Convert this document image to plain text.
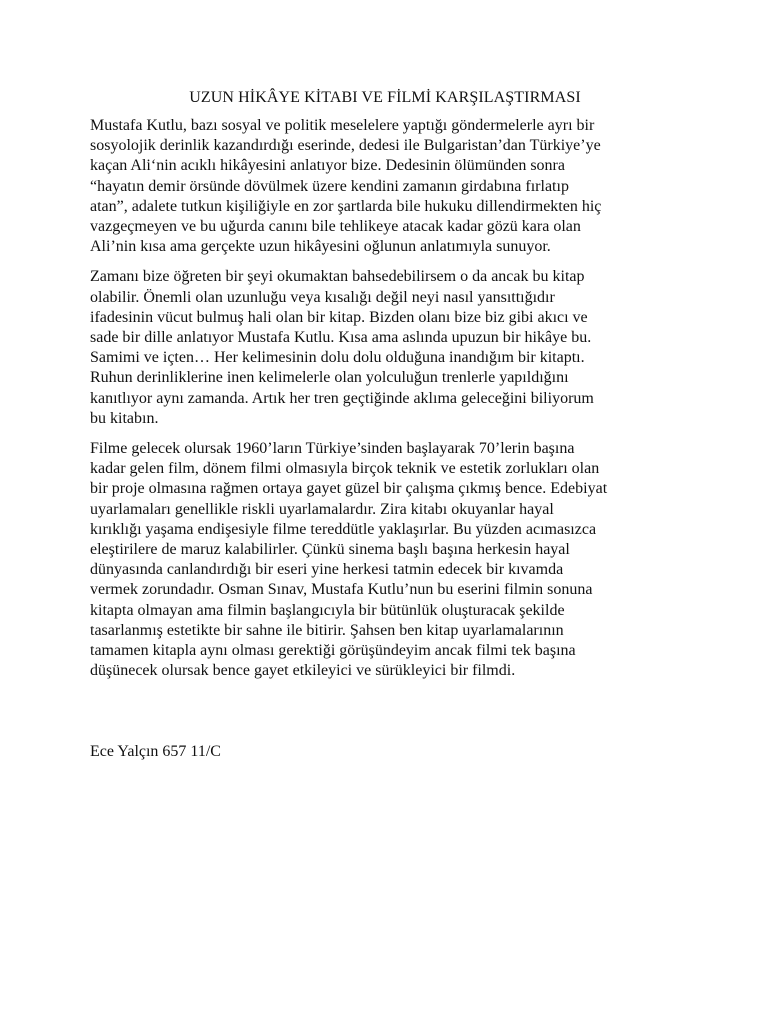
UZUN HİKÂYE KİTABI VE FİLMİ KARŞILAŞTIRMASI
Mustafa Kutlu, bazı sosyal ve politik meselelere yaptığı göndermelerle ayrı bir
sosyolojik derinlik kazandırdığı eserinde, dedesi ile Bulgaristan’dan Türkiye’ye
kaçan Ali‘nin acıklı hikâyesini anlatıyor bize. Dedesinin ölümünden sonra
“hayatın demir örsünde dövülmek üzere kendini zamanın girdabına fırlatıp
atan”, adalete tutkun kişiliğiyle en zor şartlarda bile hukuku dillendirmekten hiç
vazgeçmeyen ve bu uğurda canını bile tehlikeye atacak kadar gözü kara olan
Ali’nin kısa ama gerçekte uzun hikâyesini oğlunun anlatımıyla sunuyor.
Zamanı bize öğreten bir şeyi okumaktan bahsedebilirsem o da ancak bu kitap
olabilir. Önemli olan uzunluğu veya kısalığı değil neyi nasıl yansıttığıdır
ifadesinin vücut bulmuş hali olan bir kitap. Bizden olanı bize biz gibi akıcı ve
sade bir dille anlatıyor Mustafa Kutlu. Kısa ama aslında upuzun bir hikâye bu.
Samimi ve içten… Her kelimesinin dolu dolu olduğuna inandığım bir kitaptı.
Ruhun derinliklerine inen kelimelerle olan yolculuğun trenlerle yapıldığını
kanıtlıyor aynı zamanda. Artık her tren geçtiğinde aklıma geleceğini biliyorum
bu kitabın.
Filme gelecek olursak 1960’ların Türkiye’sinden başlayarak 70’lerin başına
kadar gelen film, dönem filmi olmasıyla birçok teknik ve estetik zorlukları olan
bir proje olmasına rağmen ortaya gayet güzel bir çalışma çıkmış bence. Edebiyat
uyarlamaları genellikle riskli uyarlamalardır. Zira kitabı okuyanlar hayal
kırıklığı yaşama endişesiyle filme tereddütle yaklaşırlar. Bu yüzden acımasızca
eleştirilere de maruz kalabilirler. Çünkü sinema başlı başına herkesin hayal
dünyasında canlandırdığı bir eseri yine herkesi tatmin edecek bir kıvamda
vermek zorundadır. Osman Sınav, Mustafa Kutlu’nun bu eserini filmin sonuna
kitapta olmayan ama filmin başlangıcıyla bir bütünlük oluşturacak şekilde
tasarlanmış estetikte bir sahne ile bitirir. Şahsen ben kitap uyarlamalarının
tamamen kitapla aynı olması gerektiği görüşündeyim ancak filmi tek başına
düşünecek olursak bence gayet etkileyici ve sürükleyici bir filmdi.
Ece Yalçın 657 11/C
